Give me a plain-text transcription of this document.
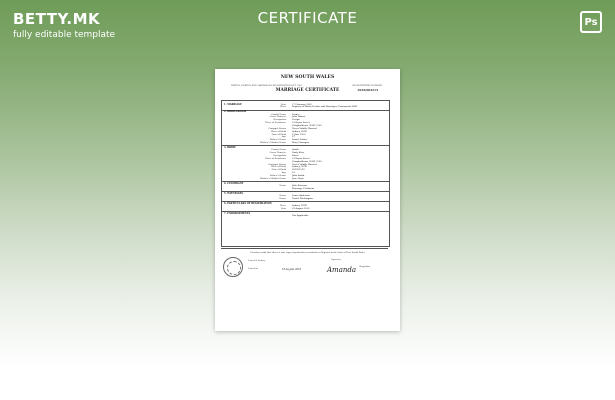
BETTY.MK
fully editable template
CERTIFICATE	Ps
NEW SOUTH WALES
BIRTHS, DEATHS AND MARRIAGES REGISTRATION ACT 1995
MARRIAGE CERTIFICATE
REGISTRATION NUMBER
2016/002213
1. MARRIAGE	Date	17 February 2016
Place	Registry of Births Deaths and Marriages, Parramatta NSW
2. BRIDEGROOM
Family Name	Forbes
Given Name(s)	John Robert
Occupation	Design
Place of Residence	14 Bryan Street
Campbelltown, NSW, 2560
Conjugal Status	Never Validly Married
Place of Birth	Sydney, NSW
Date of Birth	2 June 1990
Age	25
Father's Name	Daniel Forbes
Mother's Maiden Name	Mary Flanagan
3. BRIDE
Family Name	Smith
Given Name(s)	Emily Kate
Occupation	Nurse
Place of Residence	14 Bryan Street
Campbelltown, NSW, 2560
Conjugal Status	Never Validly Married
Place of Birth	Sydney, NSW
Date of Birth	20/03/1992
Age	23
Father's Name	John Smith
Mother's Maiden Name	Jane Doyle
4. CELEBRANT
Name	Julie Kotsaras
Marriage Celebrant
5. WITNESSES
Name	Laura Anderson
Name	Daniel Washington
6. PARTICULARS OF REGISTRATION
Place	Sydney, NSW
Date	18 August 2016
7. ENDORSEMENTS
Not Applicable
I hereby certify that this is a true copy of particulars recorded in a Register in the State of New South Wales
Issued at Sydney
Issued on	18 August 2016
Signature
Registrar
Amanda
